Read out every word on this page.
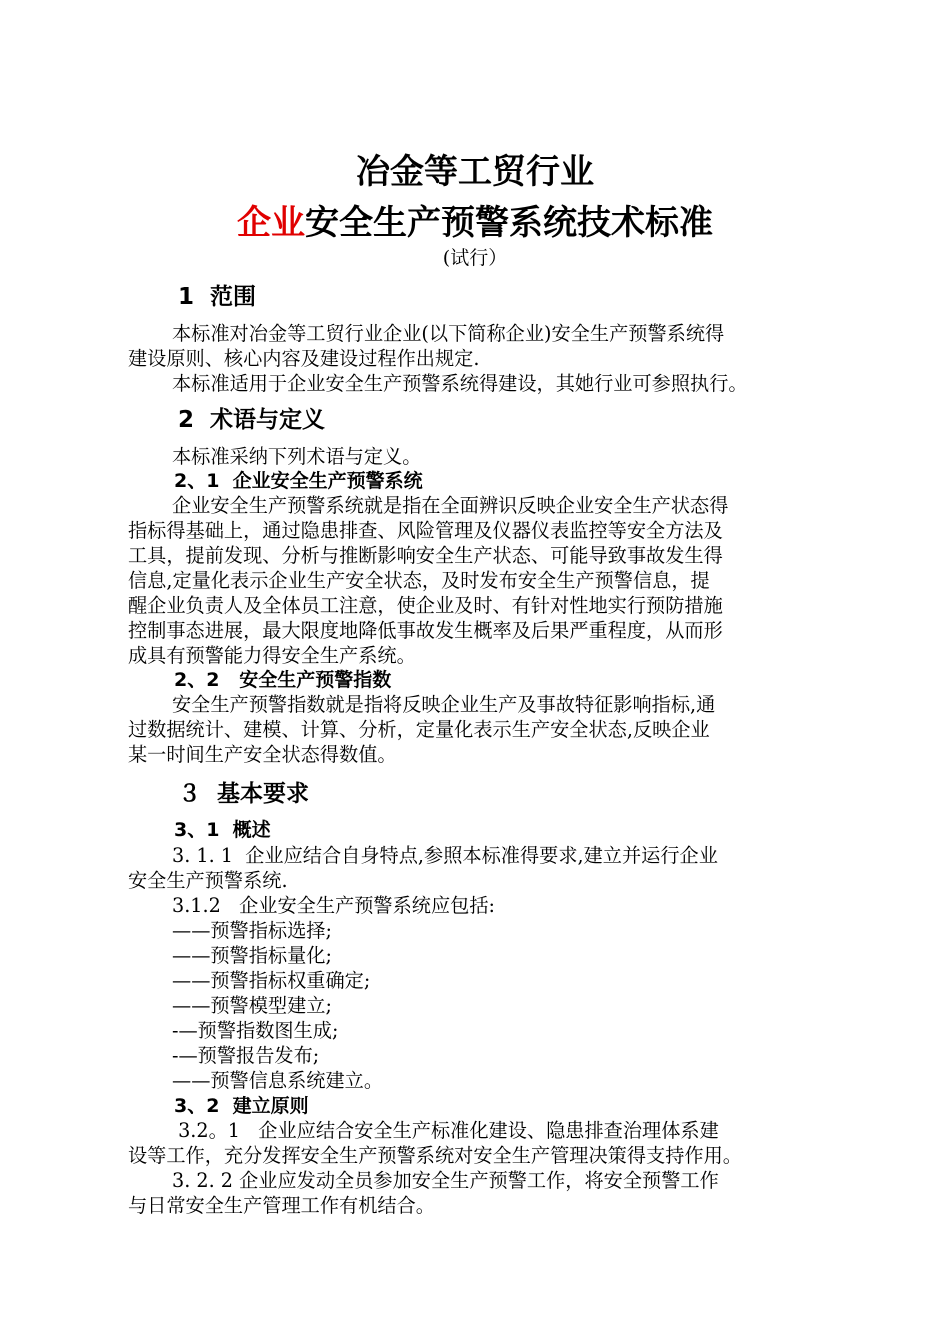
冶金等工贸行业
企业安全生产预警系统技术标准
(试行）
1  范围
本标准对冶金等工贸行业企业(以下简称企业)安全生产预警系统得
建设原则、核心内容及建设过程作出规定.
本标准适用于企业安全生产预警系统得建设，其她行业可参照执行。
2  术语与定义
本标准采纳下列术语与定义。
2、1  企业安全生产预警系统
企业安全生产预警系统就是指在全面辨识反映企业安全生产状态得
指标得基础上，通过隐患排查、风险管理及仪器仪表监控等安全方法及
工具，提前发现、分析与推断影响安全生产状态、可能导致事故发生得
信息,定量化表示企业生产安全状态，及时发布安全生产预警信息，提
醒企业负责人及全体员工注意，使企业及时、有针对性地实行预防措施
控制事态进展，最大限度地降低事故发生概率及后果严重程度，从而形
成具有预警能力得安全生产系统。
2、2   安全生产预警指数
安全生产预警指数就是指将反映企业生产及事故特征影响指标,通
过数据统计、建模、计算、分析，定量化表示生产安全状态,反映企业
某一时间生产安全状态得数值。
３  基本要求
3、1  概述
3. 1. 1  企业应结合自身特点,参照本标准得要求,建立并运行企业
安全生产预警系统.
3.1.2   企业安全生产预警系统应包括:
——预警指标选择;
——预警指标量化;
——预警指标权重确定;
——预警模型建立;
-—预警指数图生成;
-—预警报告发布;
——预警信息系统建立。
3、2  建立原则
3.2。1   企业应结合安全生产标准化建设、隐患排查治理体系建
设等工作，充分发挥安全生产预警系统对安全生产管理决策得支持作用。
3. 2. 2 企业应发动全员参加安全生产预警工作，将安全预警工作
与日常安全生产管理工作有机结合。
